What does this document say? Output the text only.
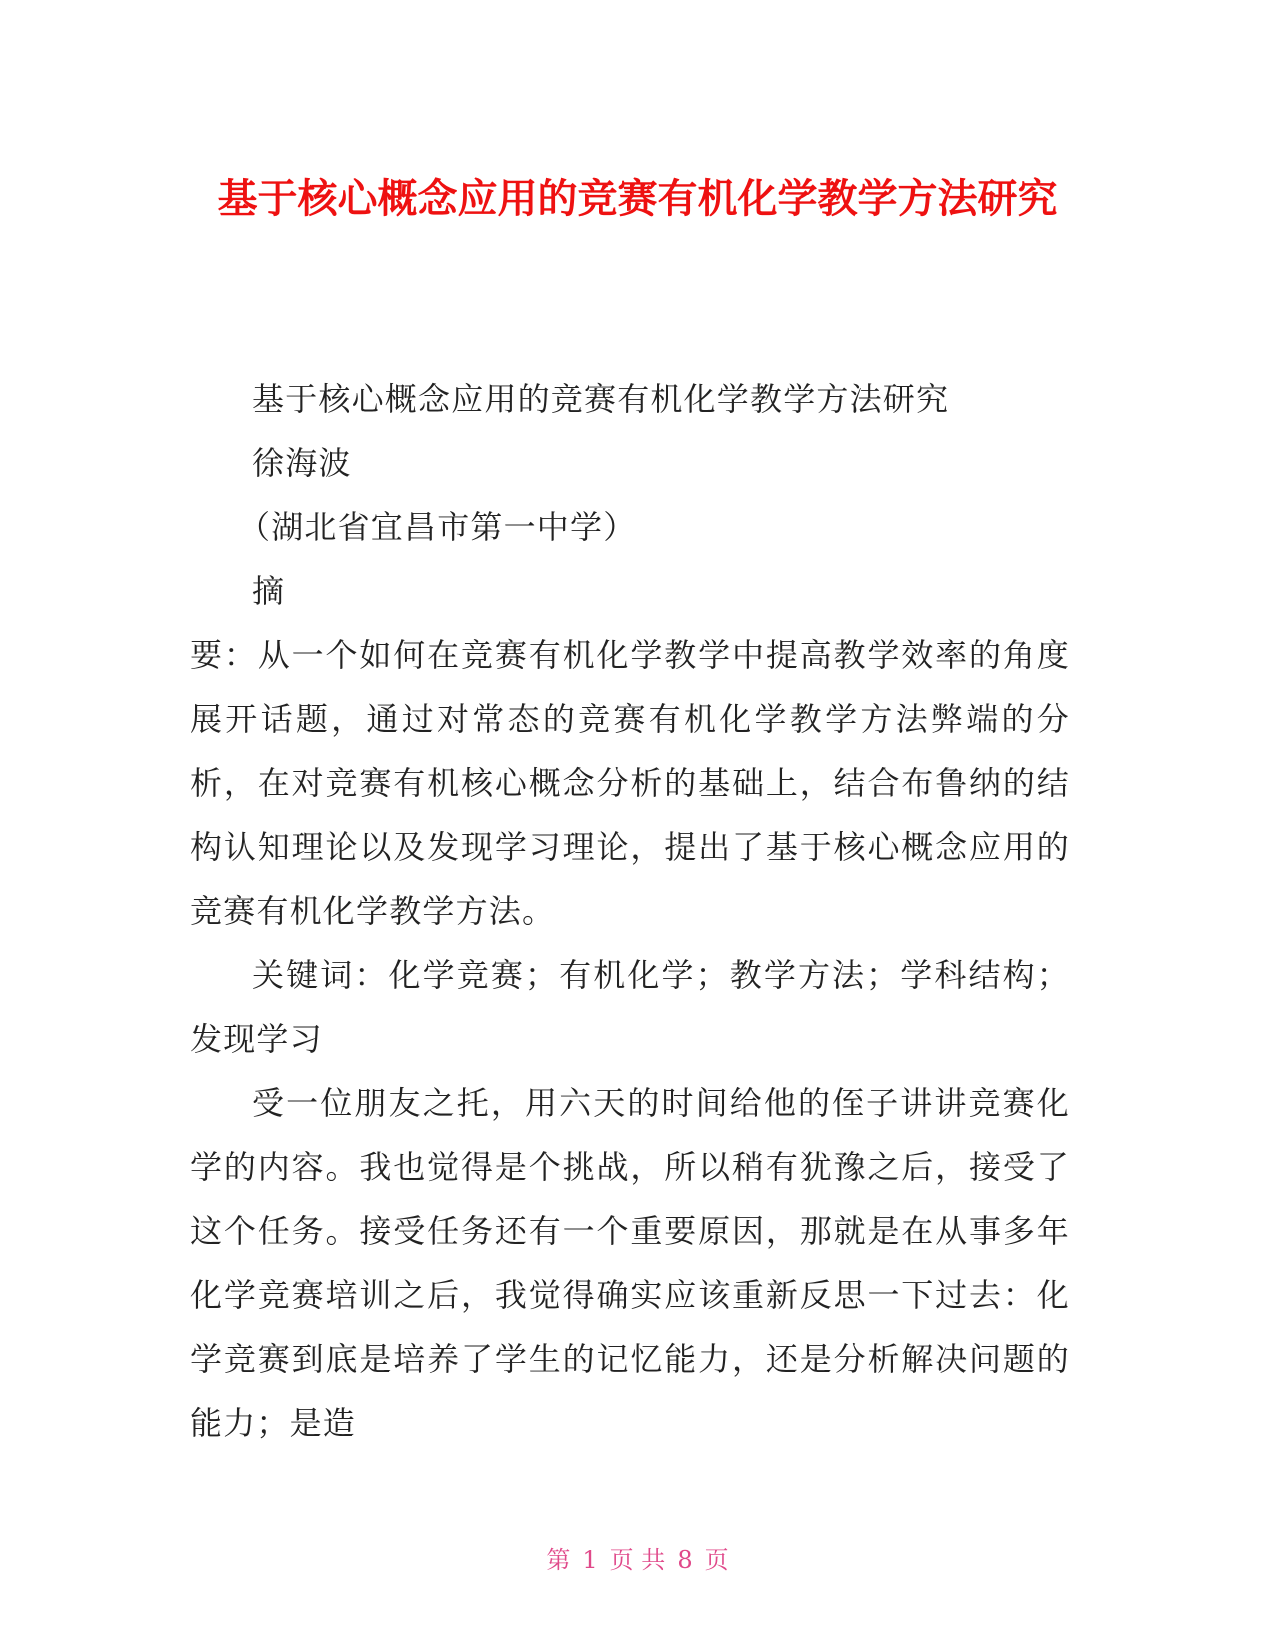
基于核心概念应用的竞赛有机化学教学方法研究

基于核心概念应用的竞赛有机化学教学方法研究

徐海波

（湖北省宜昌市第一中学）

摘

要：从一个如何在竞赛有机化学教学中提高教学效率的角度展开话题，通过对常态的竞赛有机化学教学方法弊端的分析，在对竞赛有机核心概念分析的基础上，结合布鲁纳的结构认知理论以及发现学习理论，提出了基于核心概念应用的竞赛有机化学教学方法。

关键词：化学竞赛；有机化学；教学方法；学科结构；发现学习

受一位朋友之托，用六天的时间给他的侄子讲讲竞赛化学的内容。我也觉得是个挑战，所以稍有犹豫之后，接受了这个任务。接受任务还有一个重要原因，那就是在从事多年化学竞赛培训之后，我觉得确实应该重新反思一下过去：化学竞赛到底是培养了学生的记忆能力，还是分析解决问题的能力；是造

第 1 页 共 8 页
